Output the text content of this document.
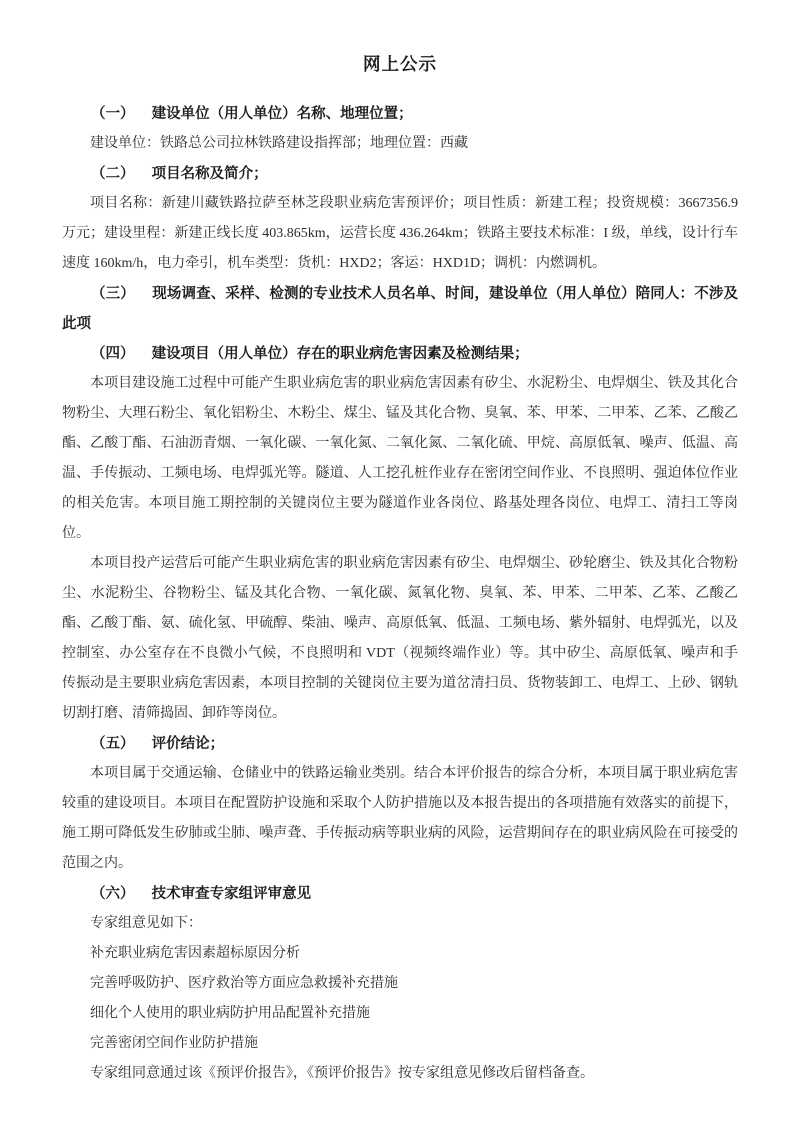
网上公示

（一） 建设单位（用人单位）名称、地理位置；

建设单位：铁路总公司拉林铁路建设指挥部；地理位置：西藏

（二） 项目名称及简介；

项目名称：新建川藏铁路拉萨至林芝段职业病危害预评价；项目性质：新建工程；投资规模：3667356.9 万元；建设里程：新建正线长度 403.865km，运营长度 436.264km；铁路主要技术标准：I 级，单线，设计行车速度 160km/h，电力牵引，机车类型：货机：HXD2；客运：HXD1D；调机：内燃调机。

（三） 现场调查、采样、检测的专业技术人员名单、时间，建设单位（用人单位）陪同人：不涉及此项

（四） 建设项目（用人单位）存在的职业病危害因素及检测结果；

本项目建设施工过程中可能产生职业病危害的职业病危害因素有矽尘、水泥粉尘、电焊烟尘、铁及其化合物粉尘、大理石粉尘、氧化铝粉尘、木粉尘、煤尘、锰及其化合物、臭氧、苯、甲苯、二甲苯、乙苯、乙酸乙酯、乙酸丁酯、石油沥青烟、一氧化碳、一氧化氮、二氧化氮、二氧化硫、甲烷、高原低氧、噪声、低温、高温、手传振动、工频电场、电焊弧光等。隧道、人工挖孔桩作业存在密闭空间作业、不良照明、强迫体位作业的相关危害。本项目施工期控制的关键岗位主要为隧道作业各岗位、路基处理各岗位、电焊工、清扫工等岗位。

本项目投产运营后可能产生职业病危害的职业病危害因素有矽尘、电焊烟尘、砂轮磨尘、铁及其化合物粉尘、水泥粉尘、谷物粉尘、锰及其化合物、一氧化碳、氮氧化物、臭氧、苯、甲苯、二甲苯、乙苯、乙酸乙酯、乙酸丁酯、氨、硫化氢、甲硫醇、柴油、噪声、高原低氧、低温、工频电场、紫外辐射、电焊弧光，以及控制室、办公室存在不良微小气候，不良照明和 VDT（视频终端作业）等。其中矽尘、高原低氧、噪声和手传振动是主要职业病危害因素，本项目控制的关键岗位主要为道岔清扫员、货物装卸工、电焊工、上砂、钢轨切割打磨、清筛捣固、卸砟等岗位。

（五） 评价结论；

本项目属于交通运输、仓储业中的铁路运输业类别。结合本评价报告的综合分析，本项目属于职业病危害较重的建设项目。本项目在配置防护设施和采取个人防护措施以及本报告提出的各项措施有效落实的前提下，施工期可降低发生矽肺或尘肺、噪声聋、手传振动病等职业病的风险，运营期间存在的职业病风险在可接受的范围之内。

（六） 技术审查专家组评审意见

专家组意见如下：

补充职业病危害因素超标原因分析

完善呼吸防护、医疗救治等方面应急救援补充措施

细化个人使用的职业病防护用品配置补充措施

完善密闭空间作业防护措施

专家组同意通过该《预评价报告》，《预评价报告》按专家组意见修改后留档备查。
